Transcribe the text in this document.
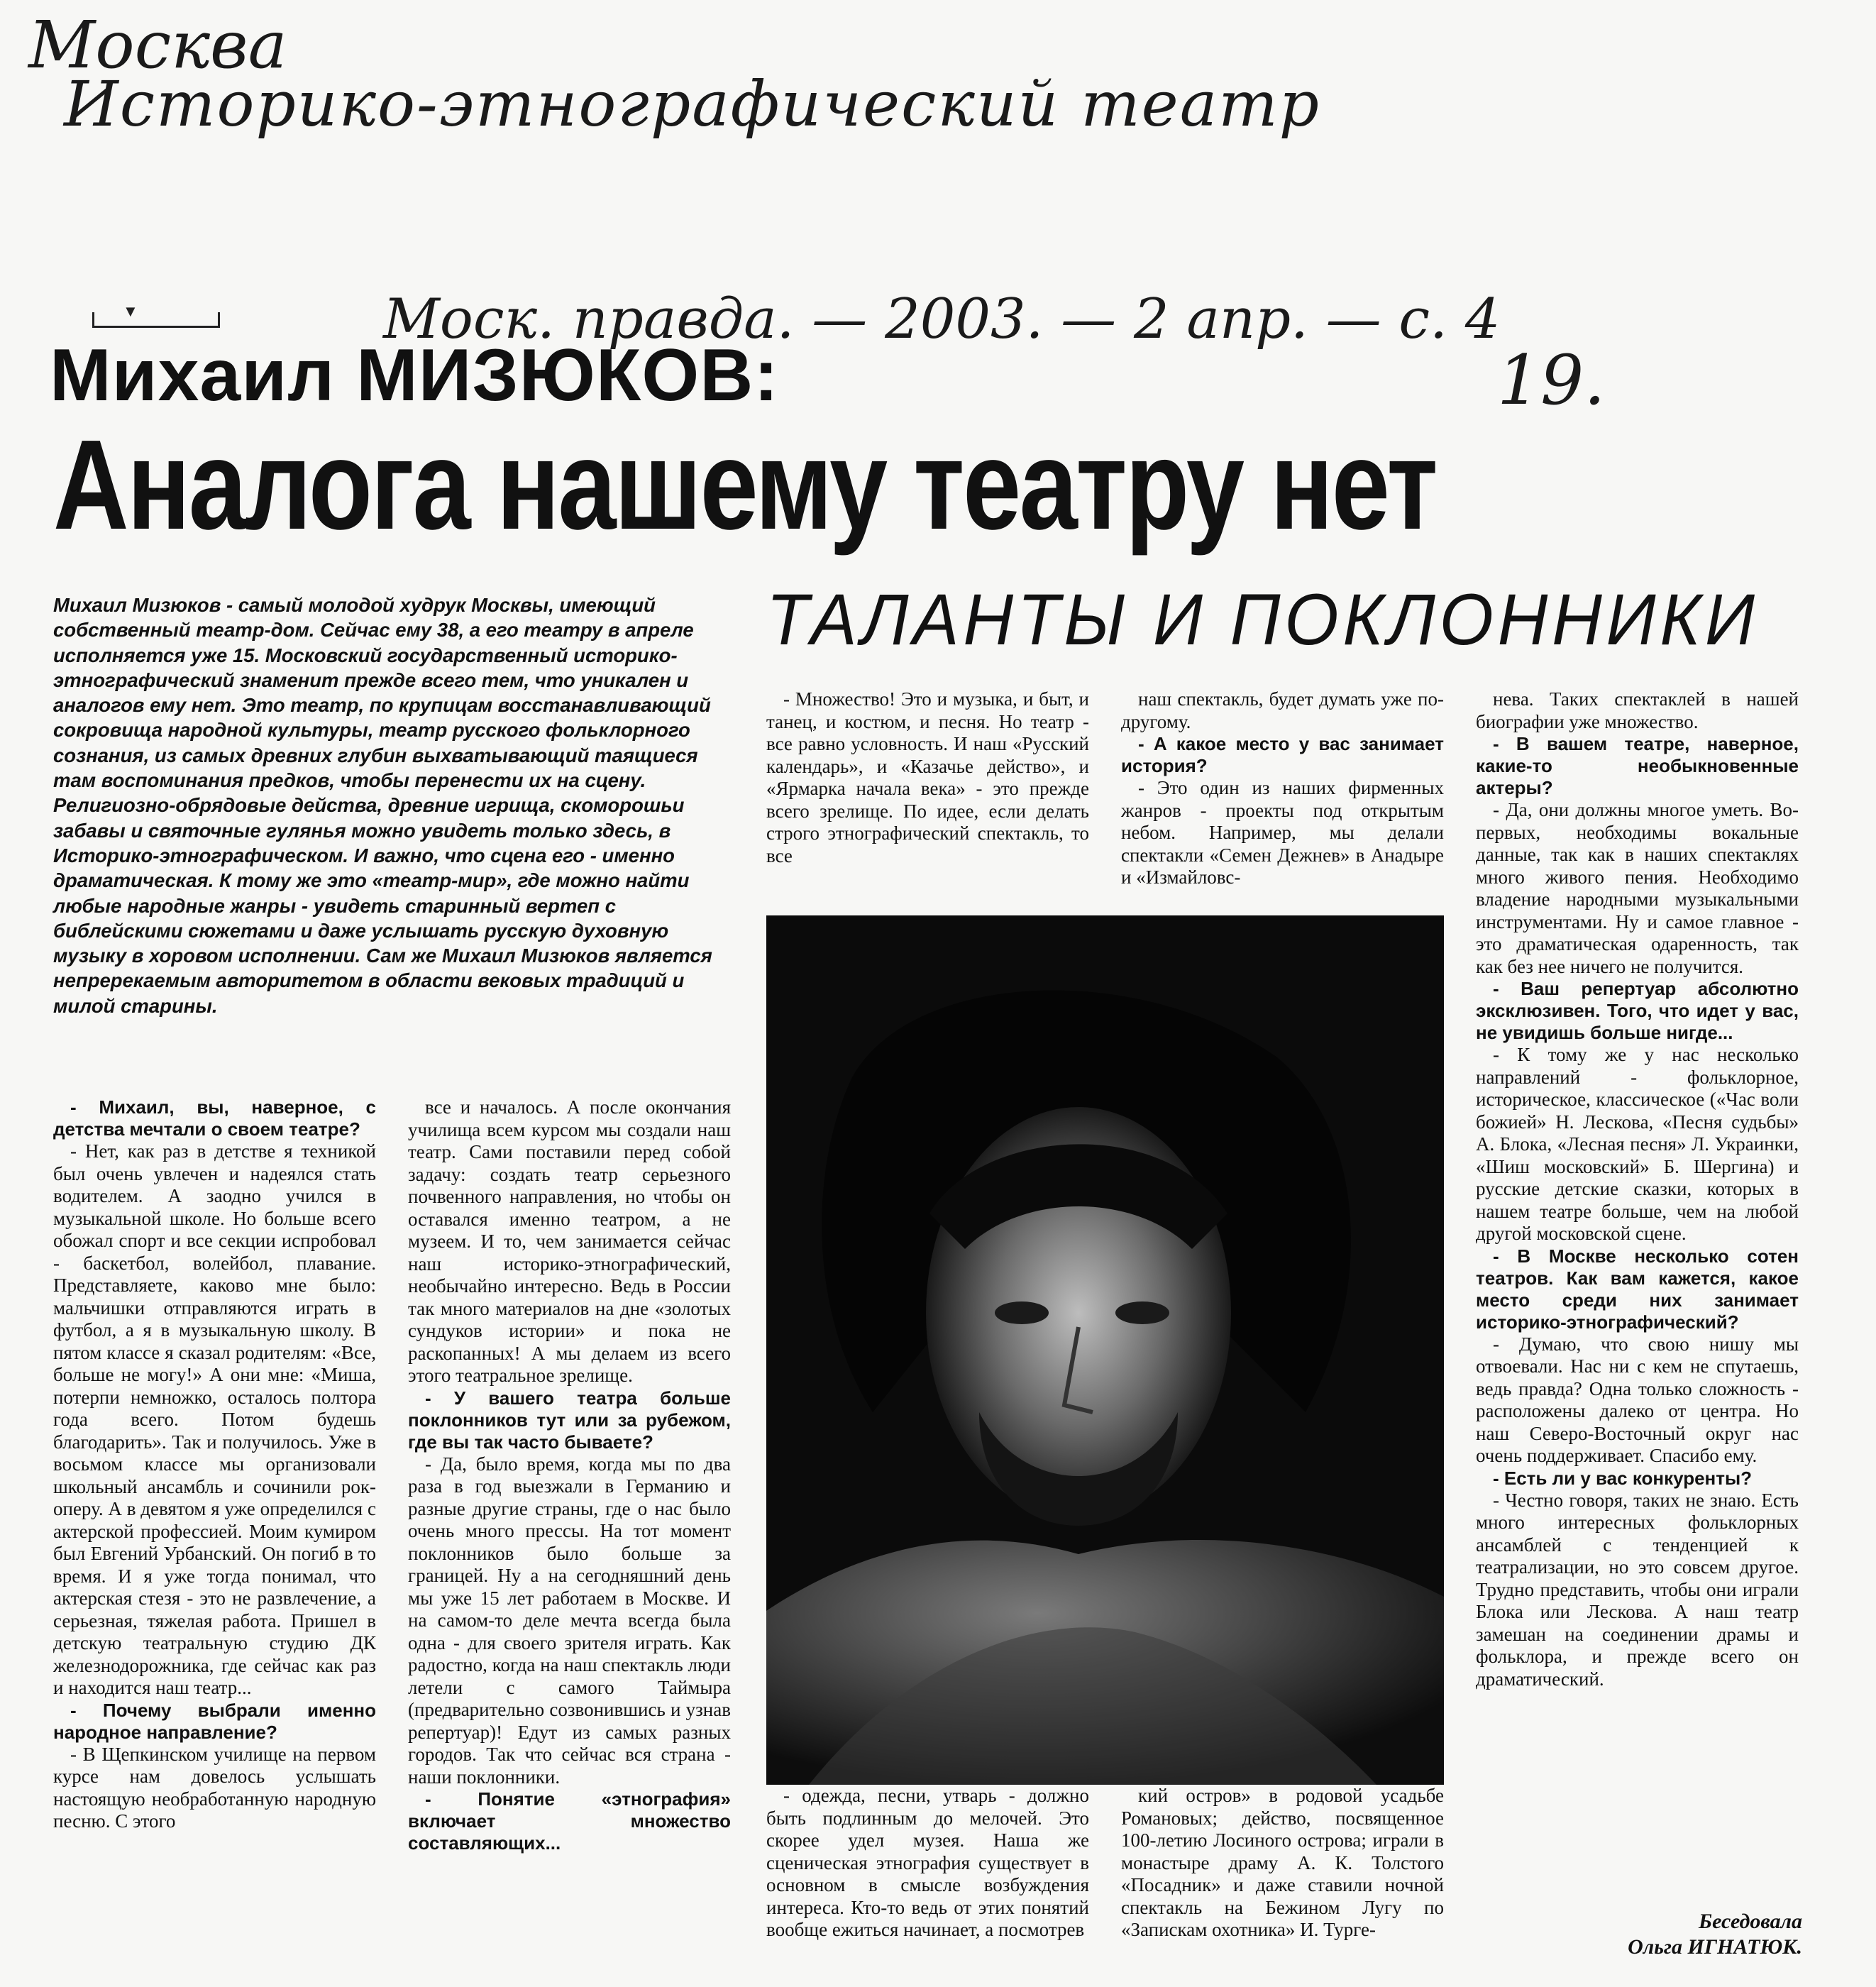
Москва
Историко-этнографический театр
▼
Моск. правда. — 2003. — 2 апр. — с. 4
19.
Михаил МИЗЮКОВ:
Аналога нашему театру нет
Михаил Мизюков - самый молодой худрук Москвы, имеющий собственный театр-дом. Сейчас ему 38, а его театру в апреле исполняется уже 15. Московский государственный историко-этнографический знаменит прежде всего тем, что уникален и аналогов ему нет. Это театр, по крупицам восстанавливающий сокровища народной культуры, театр русского фольклорного сознания, из самых древних глубин выхватывающий таящиеся там воспоминания предков, чтобы перенести их на сцену. Религиозно-обрядовые действа, древние игрища, скоморошьи забавы и святочные гулянья можно увидеть только здесь, в Историко-этнографическом. И важно, что сцена его - именно драматическая. К тому же это «театр-мир», где можно найти любые народные жанры - увидеть старинный вертеп с библейскими сюжетами и даже услышать русскую духовную музыку в хоровом исполнении. Сам же Михаил Мизюков является непререкаемым авторитетом в области вековых традиций и милой старины.
ТАЛАНТЫ И ПОКЛОННИКИ

- Михаил, вы, наверное, с детства мечтали о своем театре?

- Нет, как раз в детстве я техникой был очень увлечен и надеялся стать водителем. А заодно учился в музыкальной школе. Но больше всего обожал спорт и все секции испробовал - баскетбол, волейбол, плавание. Представляете, каково мне было: мальчишки отправляются играть в футбол, а я в музыкальную школу. В пятом классе я сказал родителям: «Все, больше не могу!» А они мне: «Миша, потерпи немножко, осталось полтора года всего. Потом будешь благодарить». Так и получилось. Уже в восьмом классе мы организовали школьный ансамбль и сочинили рок-оперу. А в девятом я уже определился с актерской профессией. Моим кумиром был Евгений Урбанский. Он погиб в то время. И я уже тогда понимал, что актерская стезя - это не развлечение, а серьезная, тяжелая работа. Пришел в детскую театральную студию ДК железнодорожника, где сейчас как раз и находится наш театр...

- Почему выбрали именно народное направление?

- В Щепкинском училище на первом курсе нам довелось услышать настоящую необработанную народную песню. С этого

все и началось. А после окончания училища всем курсом мы создали наш театр. Сами поставили перед собой задачу: создать театр серьезного почвенного направления, но чтобы он оставался именно театром, а не музеем. И то, чем занимается сейчас наш историко-этнографический, необычайно интересно. Ведь в России так много материалов на дне «золотых сундуков истории» и пока не раскопанных! А мы делаем из всего этого театральное зрелище.

- У вашего театра больше поклонников тут или за рубежом, где вы так часто бываете?

- Да, было время, когда мы по два раза в год выезжали в Германию и разные другие страны, где о нас было очень много прессы. На тот момент поклонников было больше за границей. Ну а на сегодняшний день мы уже 15 лет работаем в Москве. И на самом-то деле мечта всегда была одна - для своего зрителя играть. Как радостно, когда на наш спектакль люди летели с самого Таймыра (предварительно созвонившись и узнав репертуар)! Едут из самых разных городов. Так что сейчас вся страна - наши поклонники.

- Понятие «этнография» включает множество составляющих...

- Множество! Это и музыка, и быт, и танец, и костюм, и песня. Но театр - все равно условность. И наш «Русский календарь», и «Казачье действо», и «Ярмарка начала века» - это прежде всего зрелище. По идее, если делать строго этнографический спектакль, то все

наш спектакль, будет думать уже по-другому.

- А какое место у вас занимает история?

- Это один из наших фирменных жанров - проекты под открытым небом. Например, мы делали спектакли «Семен Дежнев» в Анадыре и «Измайловс-

- одежда, песни, утварь - должно быть подлинным до мелочей. Это скорее удел музея. Наша же сценическая этнография существует в основном в смысле возбуждения интереса. Кто-то ведь от этих понятий вообще ежиться начинает, а посмотрев

кий остров» в родовой усадьбе Романовых; действо, посвященное 100-летию Лосиного острова; играли в монастыре драму А. К. Толстого «Посадник» и даже ставили ночной спектакль на Бежином Лугу по «Запискам охотника» И. Турге-

нева. Таких спектаклей в нашей биографии уже множество.

- В вашем театре, наверное, какие-то необыкновенные актеры?

- Да, они должны многое уметь. Во-первых, необходимы вокальные данные, так как в наших спектаклях много живого пения. Необходимо владение народными музыкальными инструментами. Ну и самое главное - это драматическая одаренность, так как без нее ничего не получится.

- Ваш репертуар абсолютно эксклюзивен. Того, что идет у вас, не увидишь больше нигде...

- К тому же у нас несколько направлений - фольклорное, историческое, классическое («Час воли божией» Н. Лескова, «Песня судьбы» А. Блока, «Лесная песня» Л. Украинки, «Шиш московский» Б. Шергина) и русские детские сказки, которых в нашем театре больше, чем на любой другой московской сцене.

- В Москве несколько сотен театров. Как вам кажется, какое место среди них занимает историко-этнографический?

- Думаю, что свою нишу мы отвоевали. Нас ни с кем не спутаешь, ведь правда? Одна только сложность - расположены далеко от центра. Но наш Северо-Восточный округ нас очень поддерживает. Спасибо ему.

- Есть ли у вас конкуренты?

- Честно говоря, таких не знаю. Есть много интересных фольклорных ансамблей с тенденцией к театрализации, но это совсем другое. Трудно представить, чтобы они играли Блока или Лескова. А наш театр замешан на соединении драмы и фольклора, и прежде всего он драматический.

Беседовала
Ольга ИГНАТЮК.
